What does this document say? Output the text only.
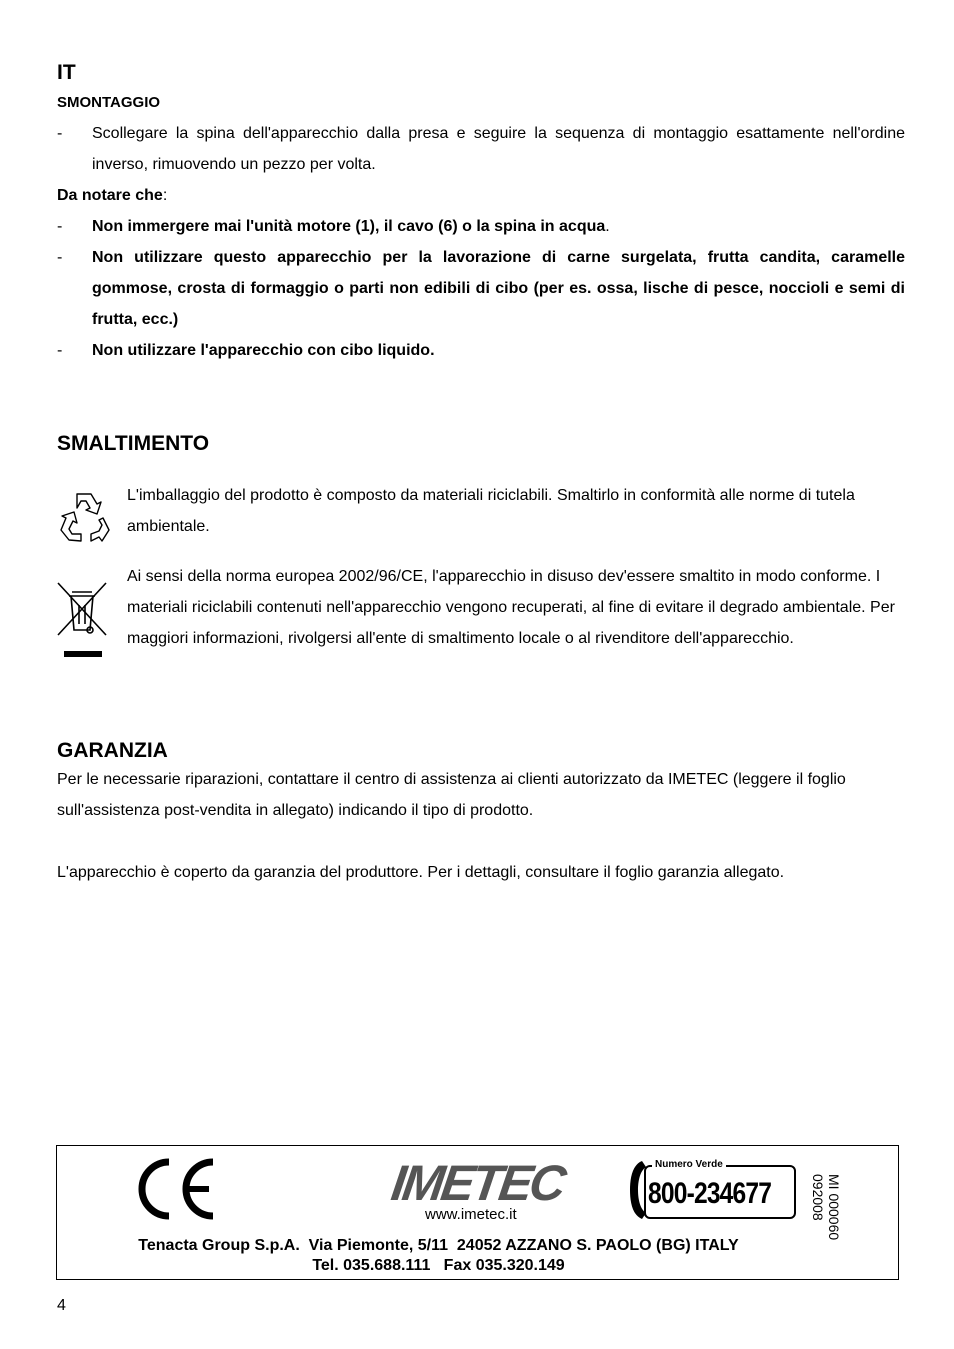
IT
SMONTAGGIO
- Scollegare la spina dell'apparecchio dalla presa e seguire la sequenza di montaggio esattamente nell'ordine inverso, rimuovendo un pezzo per volta.
Da notare che:
- Non immergere mai l'unità motore (1), il cavo (6) o la spina in acqua.
- Non utilizzare questo apparecchio per la lavorazione di carne surgelata, frutta candita, caramelle gommose, crosta di formaggio o parti non edibili di cibo (per es. ossa, lische di pesce, noccioli e semi di frutta, ecc.)
- Non utilizzare l'apparecchio con cibo liquido.
SMALTIMENTO
L'imballaggio del prodotto è composto da materiali riciclabili. Smaltirlo in conformità alle norme di tutela ambientale.
Ai sensi della norma europea 2002/96/CE, l'apparecchio in disuso dev'essere smaltito in modo conforme. I materiali riciclabili contenuti nell'apparecchio vengono recuperati, al fine di evitare il degrado ambientale. Per maggiori informazioni, rivolgersi all'ente di smaltimento locale o al rivenditore dell'apparecchio.
GARANZIA
Per le necessarie riparazioni, contattare il centro di assistenza ai clienti autorizzato da IMETEC (leggere il foglio sull'assistenza post-vendita in allegato) indicando il tipo di prodotto.
L'apparecchio è coperto da garanzia del produttore. Per i dettagli, consultare il foglio garanzia allegato.
IMETEC
www.imetec.it
Numero Verde
800-234677	MI 000060
092008
Tenacta Group S.p.A.  Via Piemonte, 5/11  24052 AZZANO S. PAOLO (BG) ITALY
Tel. 035.688.111   Fax 035.320.149
4
